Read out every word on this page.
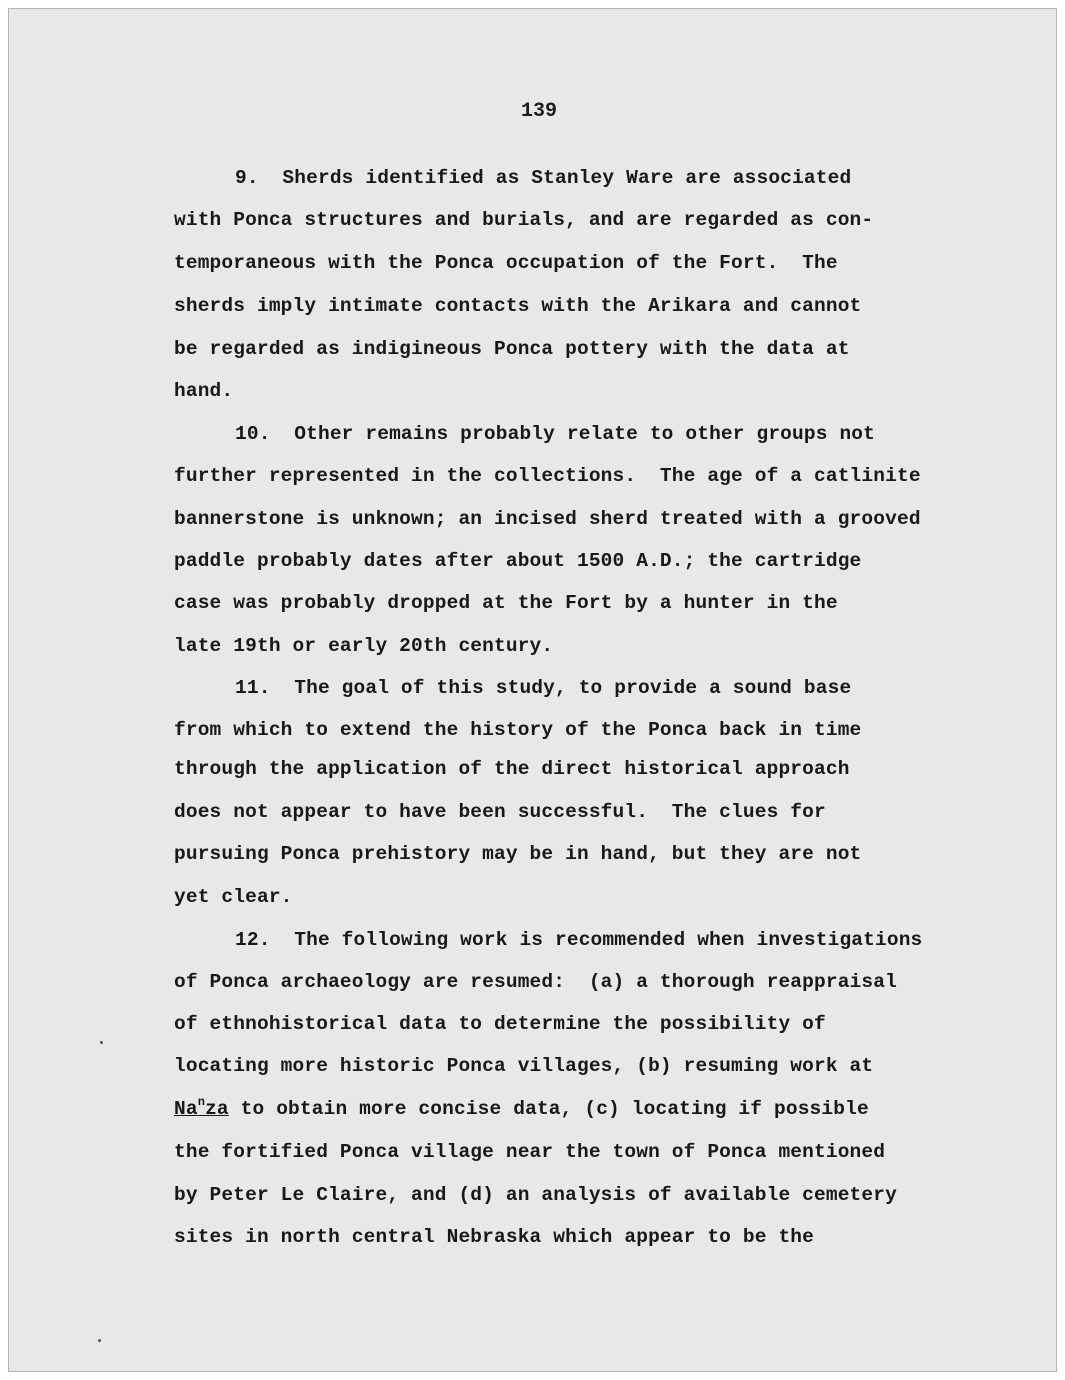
139
9.  Sherds identified as Stanley Ware are associated
with Ponca structures and burials, and are regarded as con-
temporaneous with the Ponca occupation of the Fort.  The
sherds imply intimate contacts with the Arikara and cannot
be regarded as indigineous Ponca pottery with the data at
hand.
10.  Other remains probably relate to other groups not
further represented in the collections.  The age of a catlinite
bannerstone is unknown; an incised sherd treated with a grooved
paddle probably dates after about 1500 A.D.; the cartridge
case was probably dropped at the Fort by a hunter in the
late 19th or early 20th century.
11.  The goal of this study, to provide a sound base
from which to extend the history of the Ponca back in time
through the application of the direct historical approach
does not appear to have been successful.  The clues for
pursuing Ponca prehistory may be in hand, but they are not
yet clear.
12.  The following work is recommended when investigations
of Ponca archaeology are resumed:  (a) a thorough reappraisal
of ethnohistorical data to determine the possibility of
locating more historic Ponca villages, (b) resuming work at
Na$^n$za to obtain more concise data, (c) locating if possible
the fortified Ponca village near the town of Ponca mentioned
by Peter Le Claire, and (d) an analysis of available cemetery
sites in north central Nebraska which appear to be the
